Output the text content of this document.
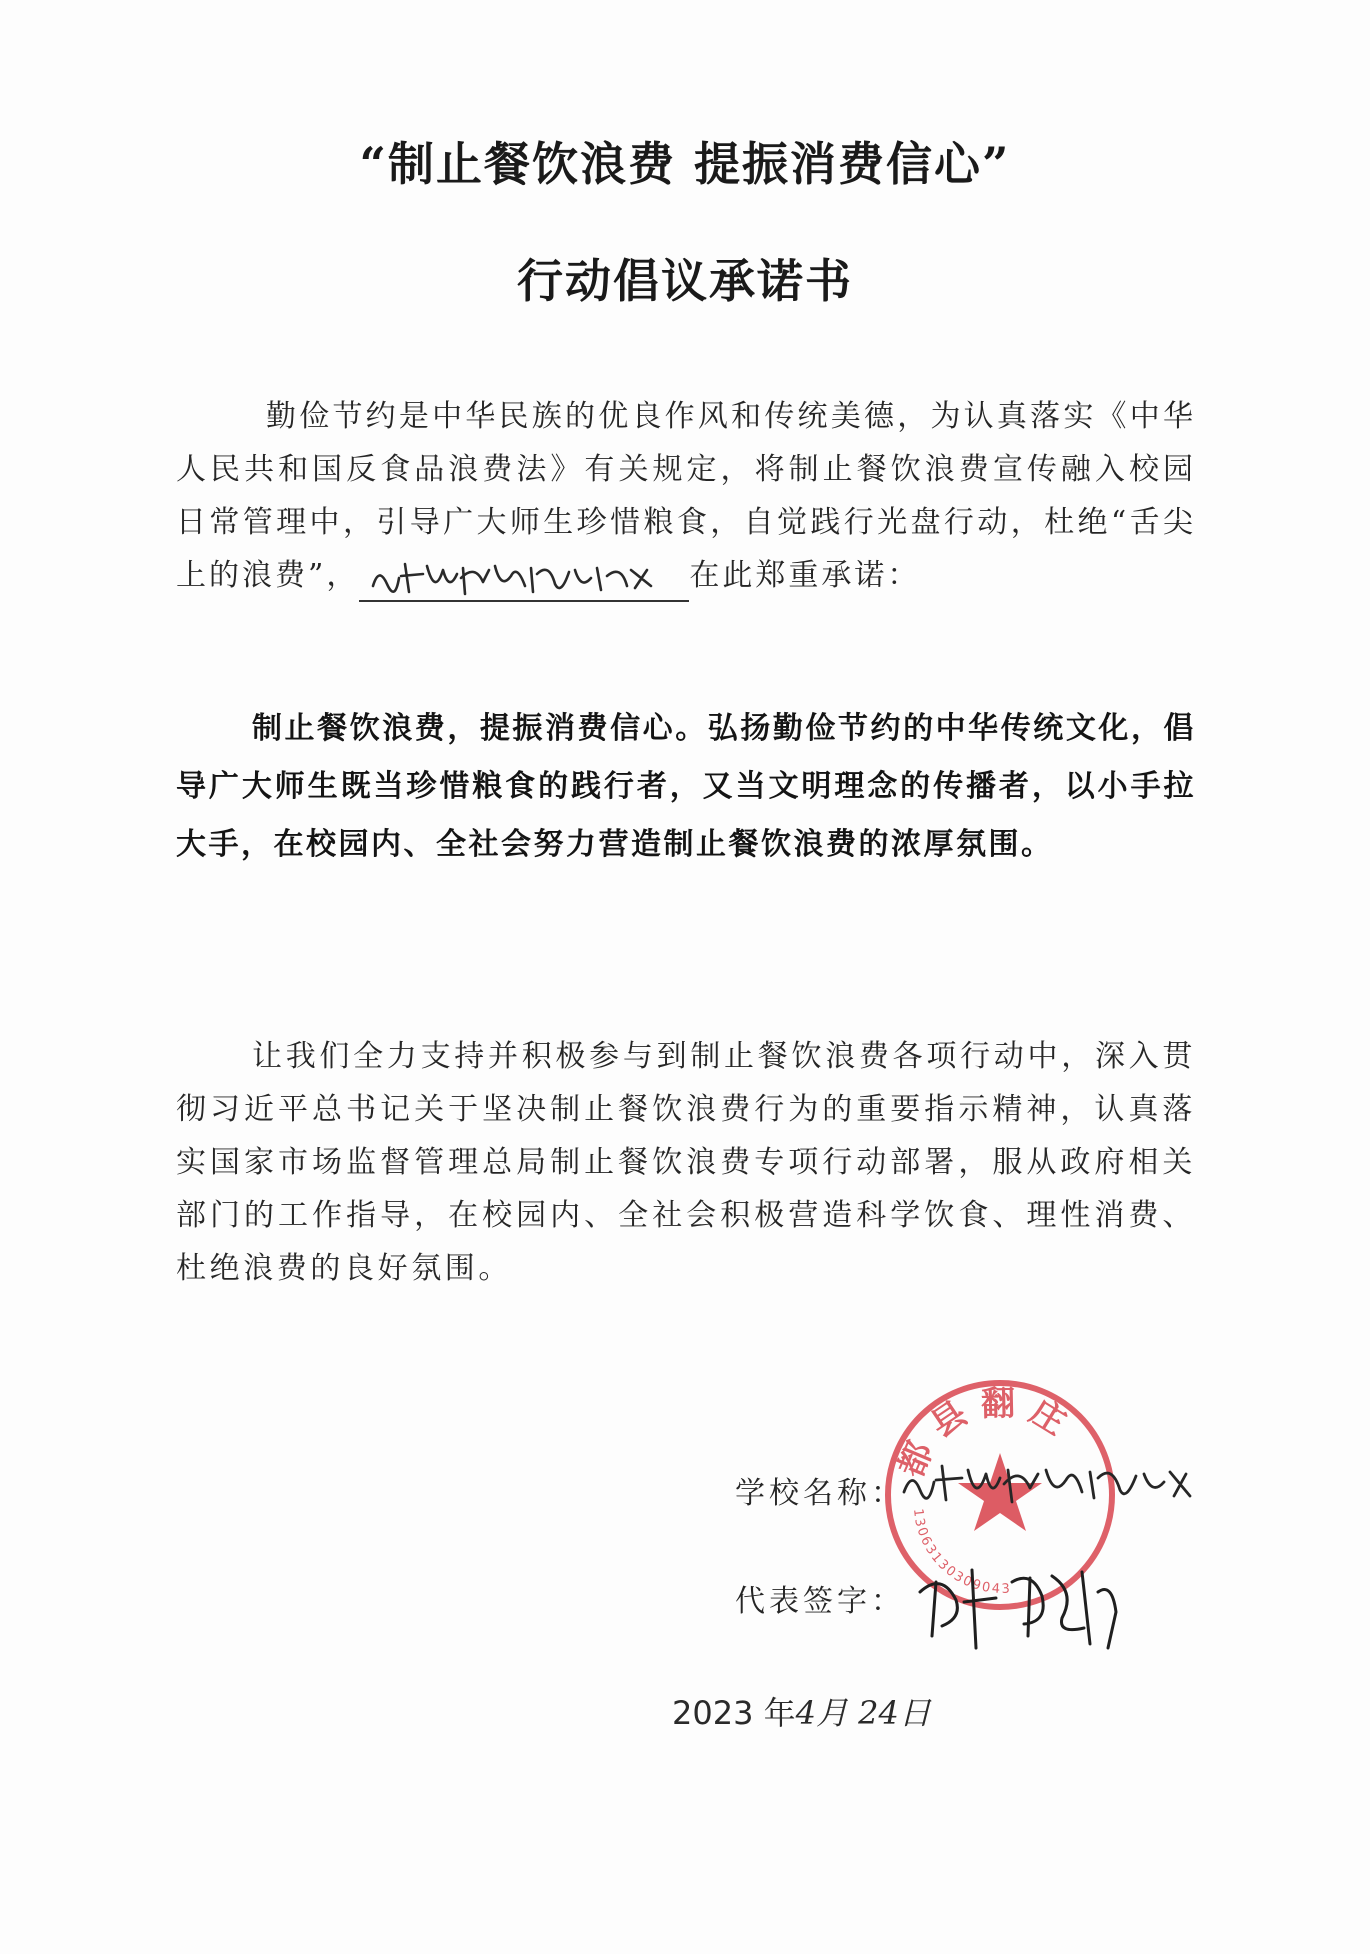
“制止餐饮浪费 提振消费信心”
行动倡议承诺书

勤俭节约是中华民族的优良作风和传统美德，为认真落实《中华人民共和国反食品浪费法》有关规定，将制止餐饮浪费宣传融入校园日常管理中，引导广大师生珍惜粮食，自觉践行光盘行动，杜绝“舌尖上的浪费”，	在此郑重承诺：

制止餐饮浪费，提振消费信心。弘扬勤俭节约的中华传统文化，倡导广大师生既当珍惜粮食的践行者，又当文明理念的传播者，以小手拉大手，在校园内、全社会努力营造制止餐饮浪费的浓厚氛围。

让我们全力支持并积极参与到制止餐饮浪费各项行动中，深入贯彻习近平总书记关于坚决制止餐饮浪费行为的重要指示精神，认真落实国家市场监督管理总局制止餐饮浪费专项行动部署，服从政府相关部门的工作指导，在校园内、全社会积极营造科学饮食、理性消费、杜绝浪费的良好氛围。

学校名称：
代表签字：
都 县 翻 庄
13063130309043
2023 年4月 24日
